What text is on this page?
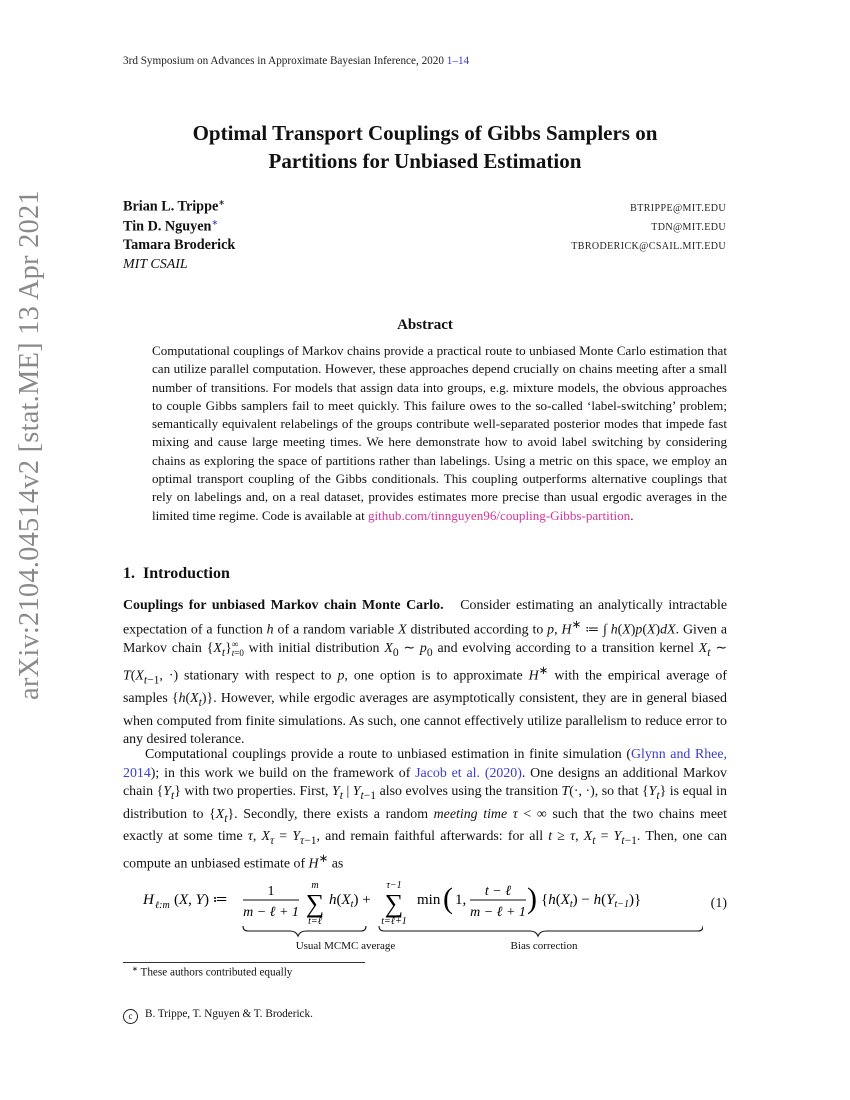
arXiv:2104.04514v2 [stat.ME] 13 Apr 2021
3rd Symposium on Advances in Approximate Bayesian Inference, 2020 1–14
Optimal Transport Couplings of Gibbs Samplers on
Partitions for Unbiased Estimation
Brian L. Trippe∗
BTRIPPE@MIT.EDU
Tin D. Nguyen∗
TDN@MIT.EDU
Tamara Broderick	TBRODERICK@CSAIL.MIT.EDU
MIT CSAIL
Abstract
Computational couplings of Markov chains provide a practical route to unbiased Monte Carlo estimation that can utilize parallel computation. However, these approaches depend crucially on chains meeting after a small number of transitions. For models that assign data into groups, e.g. mixture models, the obvious approaches to couple Gibbs samplers fail to meet quickly. This failure owes to the so-called ‘label-switching’ problem; semantically equivalent relabelings of the groups contribute well-separated posterior modes that impede fast mixing and cause large meeting times. We here demonstrate how to avoid label switching by considering chains as exploring the space of partitions rather than labelings. Using a metric on this space, we employ an optimal transport coupling of the Gibbs conditionals. This coupling outperforms alternative couplings that rely on labelings and, on a real dataset, provides estimates more precise than usual ergodic averages in the limited time regime. Code is available at github.com/tinnguyen96/coupling-Gibbs-partition.
1. Introduction
Couplings for unbiased Markov chain Monte Carlo. Consider estimating an analytically intractable expectation of a function h of a random variable X distributed according to p, H∗ ≔ ∫ h(X)p(X)dX. Given a Markov chain $\{X_t\}$ ∞
t=0 with initial distribution $X_0$ ∼ $p_0$ and evolving according to a transition kernel $X_t$ ∼ $T(X_{t-1}$, ·) stationary with respect to p, one option is to approximate H∗ with the empirical average of samples $\{h(X_t)\}$. However, while ergodic averages are asymptotically consistent, they are in general biased when computed from finite simulations. As such, one cannot effectively utilize parallelism to reduce error to any desired tolerance.
Computational couplings provide a route to unbiased estimation in finite simulation (Glynn and Rhee, 2014); in this work we build on the framework of Jacob et al. (2020). One designs an additional Markov chain $\{Y_t\}$ with two properties. First, $Y_t$ | $Y_{t-1}$ also evolves using the transition T(·, ·), so that $\{Y_t\}$ is equal in distribution to $\{X_t\}$. Secondly, there exists a random meeting time τ < ∞ such that the two chains meet exactly at some time τ, $X_\tau = Y_{\tau-1}$, and remain faithful afterwards: for all t ≥ τ, $X_t = Y_{t-1}$. Then, one can compute an unbiased estimate of H∗ as
H ℓ:m (X, Y) ≔
1
m − ℓ + 1
m
∑
t=ℓ
$h(X_t)$ +
τ−1
∑
t=ℓ+1
min ( 1,
t − ℓ
m − ℓ + 1 ) $\{h(X_t) - h(Y_{t-1})\}$
Usual MCMC average	Bias correction
(1)
∗ These authors contributed equally
c B. Trippe, T. Nguyen & T. Broderick.
